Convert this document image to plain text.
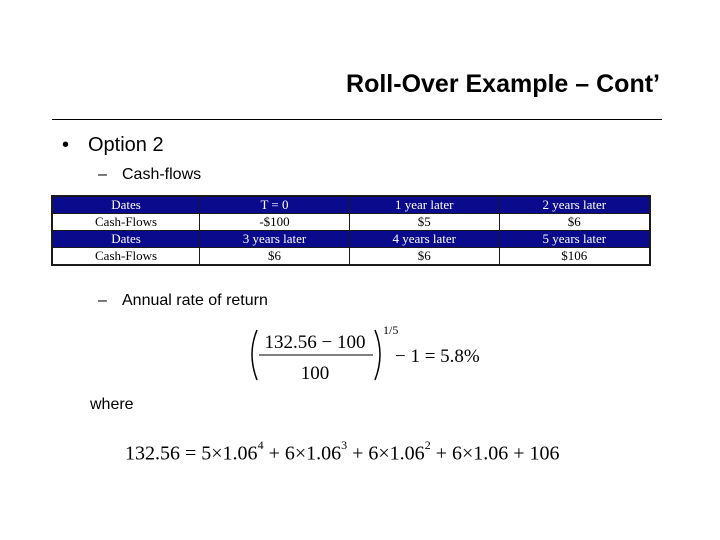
Roll-Over Example – Cont’
• Option 2
– Cash-flows
Dates	T = 0	1 year later	2 years later
Cash-Flows	-$100	$5	$6
Dates	3 years later	4 years later	5 years later
Cash-Flows	$6	$6	$106
– Annual rate of return
132.56 − 100
100
1/5
− 1 = 5.8%
where
$132.56 = 5\times 1.06^4 + 6\times 1.06^3 + 6\times 1.06^2 + 6\times 1.06 + 106$
